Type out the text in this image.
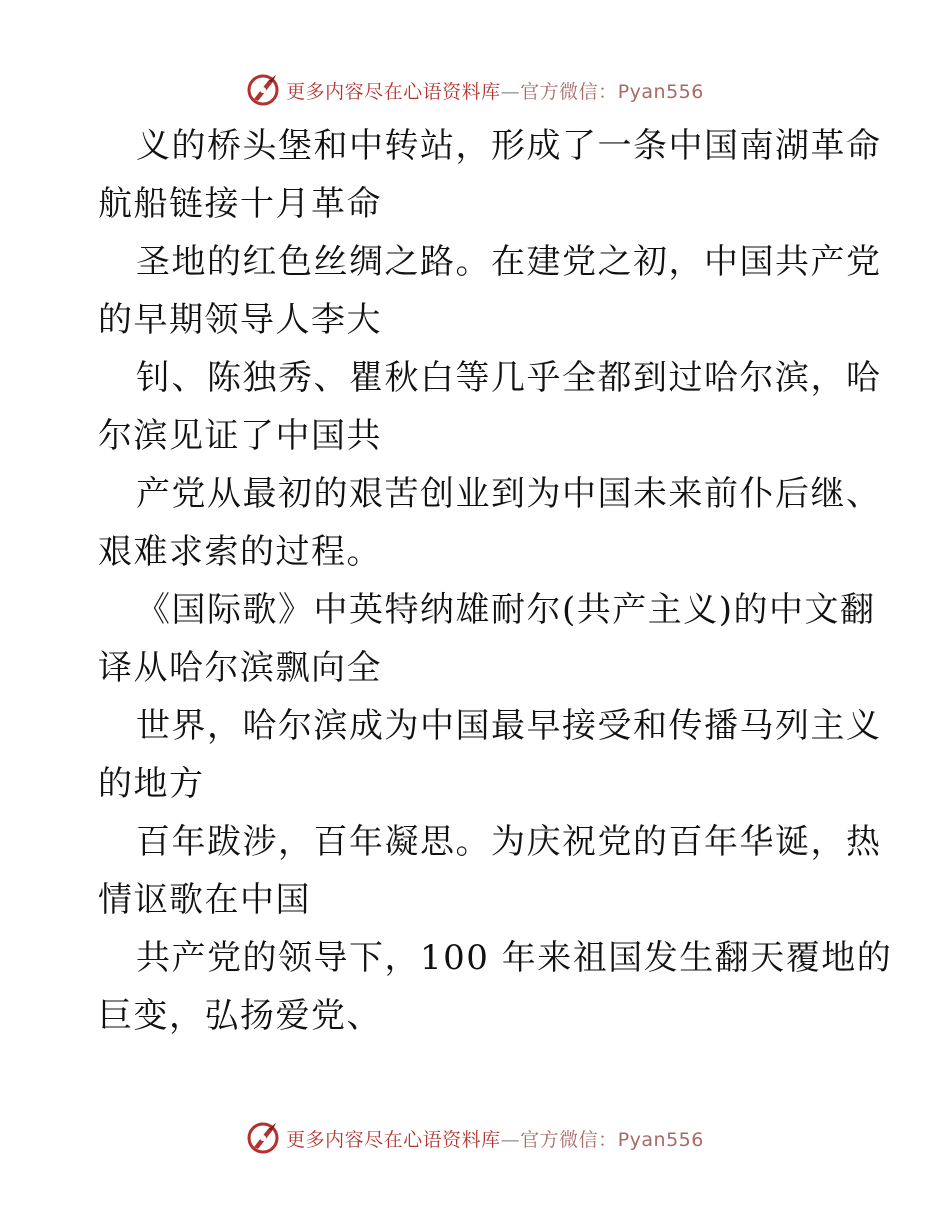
更多内容尽在心语资料库—官方微信：Pyan556

义的桥头堡和中转站，形成了一条中国南湖革命
航船链接十月革命

圣地的红色丝绸之路。在建党之初，中国共产党
的早期领导人李大

钊、陈独秀、瞿秋白等几乎全都到过哈尔滨，哈
尔滨见证了中国共

产党从最初的艰苦创业到为中国未来前仆后继、
艰难求索的过程。

《国际歌》中英特纳雄耐尔(共产主义)的中文翻
译从哈尔滨飘向全

世界，哈尔滨成为中国最早接受和传播马列主义
的地方

百年跋涉，百年凝思。为庆祝党的百年华诞，热
情讴歌在中国

共产党的领导下，100 年来祖国发生翻天覆地的
巨变，弘扬爱党、

更多内容尽在心语资料库—官方微信：Pyan556
